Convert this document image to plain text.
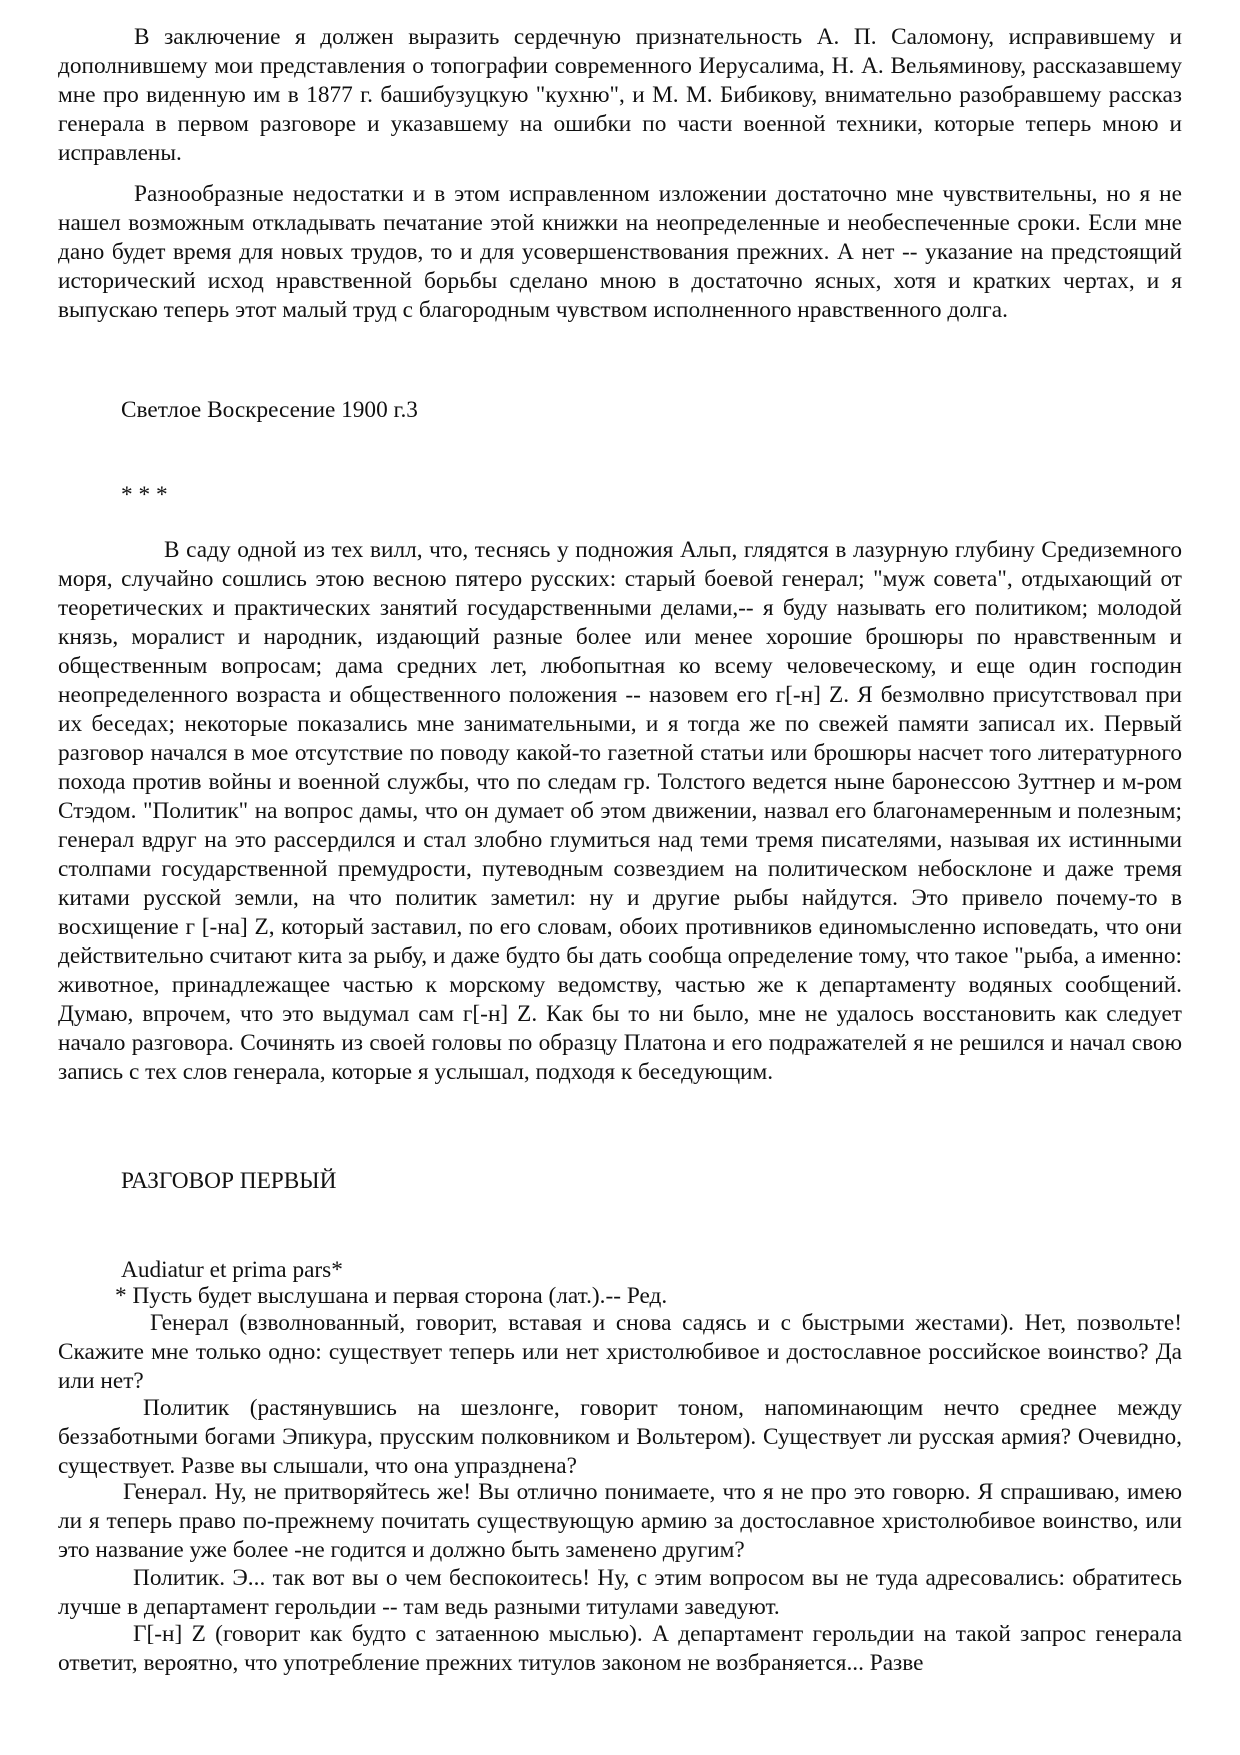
В заключение я должен выразить сердечную признательность А. П. Саломону, исправившему и дополнившему мои представления о топографии современного Иерусалима, Н. А. Вельяминову, рассказавшему мне про виденную им в 1877 г. башибузуцкую "кухню", и М. М. Бибикову, внимательно разобравшему рассказ генерала в первом разговоре и указавшему на ошибки по части военной техники, которые теперь мною и исправлены.

Разнообразные недостатки и в этом исправленном изложении достаточно мне чувствительны, но я не нашел возможным откладывать печатание этой книжки на неопределенные и необеспеченные сроки. Если мне дано будет время для новых трудов, то и для усовершенствования прежних. А нет -- указание на предстоящий исторический исход нравственной борьбы сделано мною в достаточно ясных, хотя и кратких чертах, и я выпускаю теперь этот малый труд с благородным чувством исполненного нравственного долга.

Светлое Воскресение 1900 г.3

* * *

В саду одной из тех вилл, что, теснясь у подножия Альп, глядятся в лазурную глубину Средиземного моря, случайно сошлись этою весною пятеро русских: старый боевой генерал; "муж совета", отдыхающий от теоретических и практических занятий государственными делами,-- я буду называть его политиком; молодой князь, моралист и народник, издающий разные более или менее хорошие брошюры по нравственным и общественным вопросам; дама средних лет, любопытная ко всему человеческому, и еще один господин неопределенного возраста и общественного положения -- назовем его г[-н] Z. Я безмолвно присутствовал при их беседах; некоторые показались мне занимательными, и я тогда же по свежей памяти записал их. Первый разговор начался в мое отсутствие по поводу какой-то газетной статьи или брошюры насчет того литературного похода против войны и военной службы, что по следам гр. Толстого ведется ныне баронессою Зуттнер и м-ром Стэдом. "Политик" на вопрос дамы, что он думает об этом движении, назвал его благонамеренным и полезным; генерал вдруг на это рассердился и стал злобно глумиться над теми тремя писателями, называя их истинными столпами государственной премудрости, путеводным созвездием на политическом небосклоне и даже тремя китами русской земли, на что политик заметил: ну и другие рыбы найдутся. Это привело почему-то в восхищение г [-на] Z, который заставил, по его словам, обоих противников единомысленно исповедать, что они действительно считают кита за рыбу, и даже будто бы дать сообща определение тому, что такое "рыба, а именно: животное, принадлежащее частью к морскому ведомству, частью же к департаменту водяных сообщений. Думаю, впрочем, что это выдумал сам г[-н] Z. Как бы то ни было, мне не удалось восстановить как следует начало разговора. Сочинять из своей головы по образцу Платона и его подражателей я не решился и начал свою запись с тех слов генерала, которые я услышал, подходя к беседующим.

РАЗГОВОР ПЕРВЫЙ

Audiatur et prima pars*

* Пусть будет выслушана и первая сторона (лат.).-- Ред.

Генерал (взволнованный, говорит, вставая и снова садясь и с быстрыми жестами). Нет, позвольте! Скажите мне только одно: существует теперь или нет христолюбивое и достославное российское воинство? Да или нет?

Политик (растянувшись на шезлонге, говорит тоном, напоминающим нечто среднее между беззаботными богами Эпикура, прусским полковником и Вольтером). Существует ли русская армия? Очевидно, существует. Разве вы слышали, что она упразднена?

Генерал. Ну, не притворяйтесь же! Вы отлично понимаете, что я не про это говорю. Я спрашиваю, имею ли я теперь право по-прежнему почитать существующую армию за достославное христолюбивое воинство, или это название уже более -не годится и должно быть заменено другим?

Политик. Э... так вот вы о чем беспокоитесь! Ну, с этим вопросом вы не туда адресовались: обратитесь лучше в департамент герольдии -- там ведь разными титулами заведуют.

Г[-н] Z (говорит как будто с затаенною мыслью). А департамент герольдии на такой запрос генерала ответит, вероятно, что употребление прежних титулов законом не возбраняется... Разве
